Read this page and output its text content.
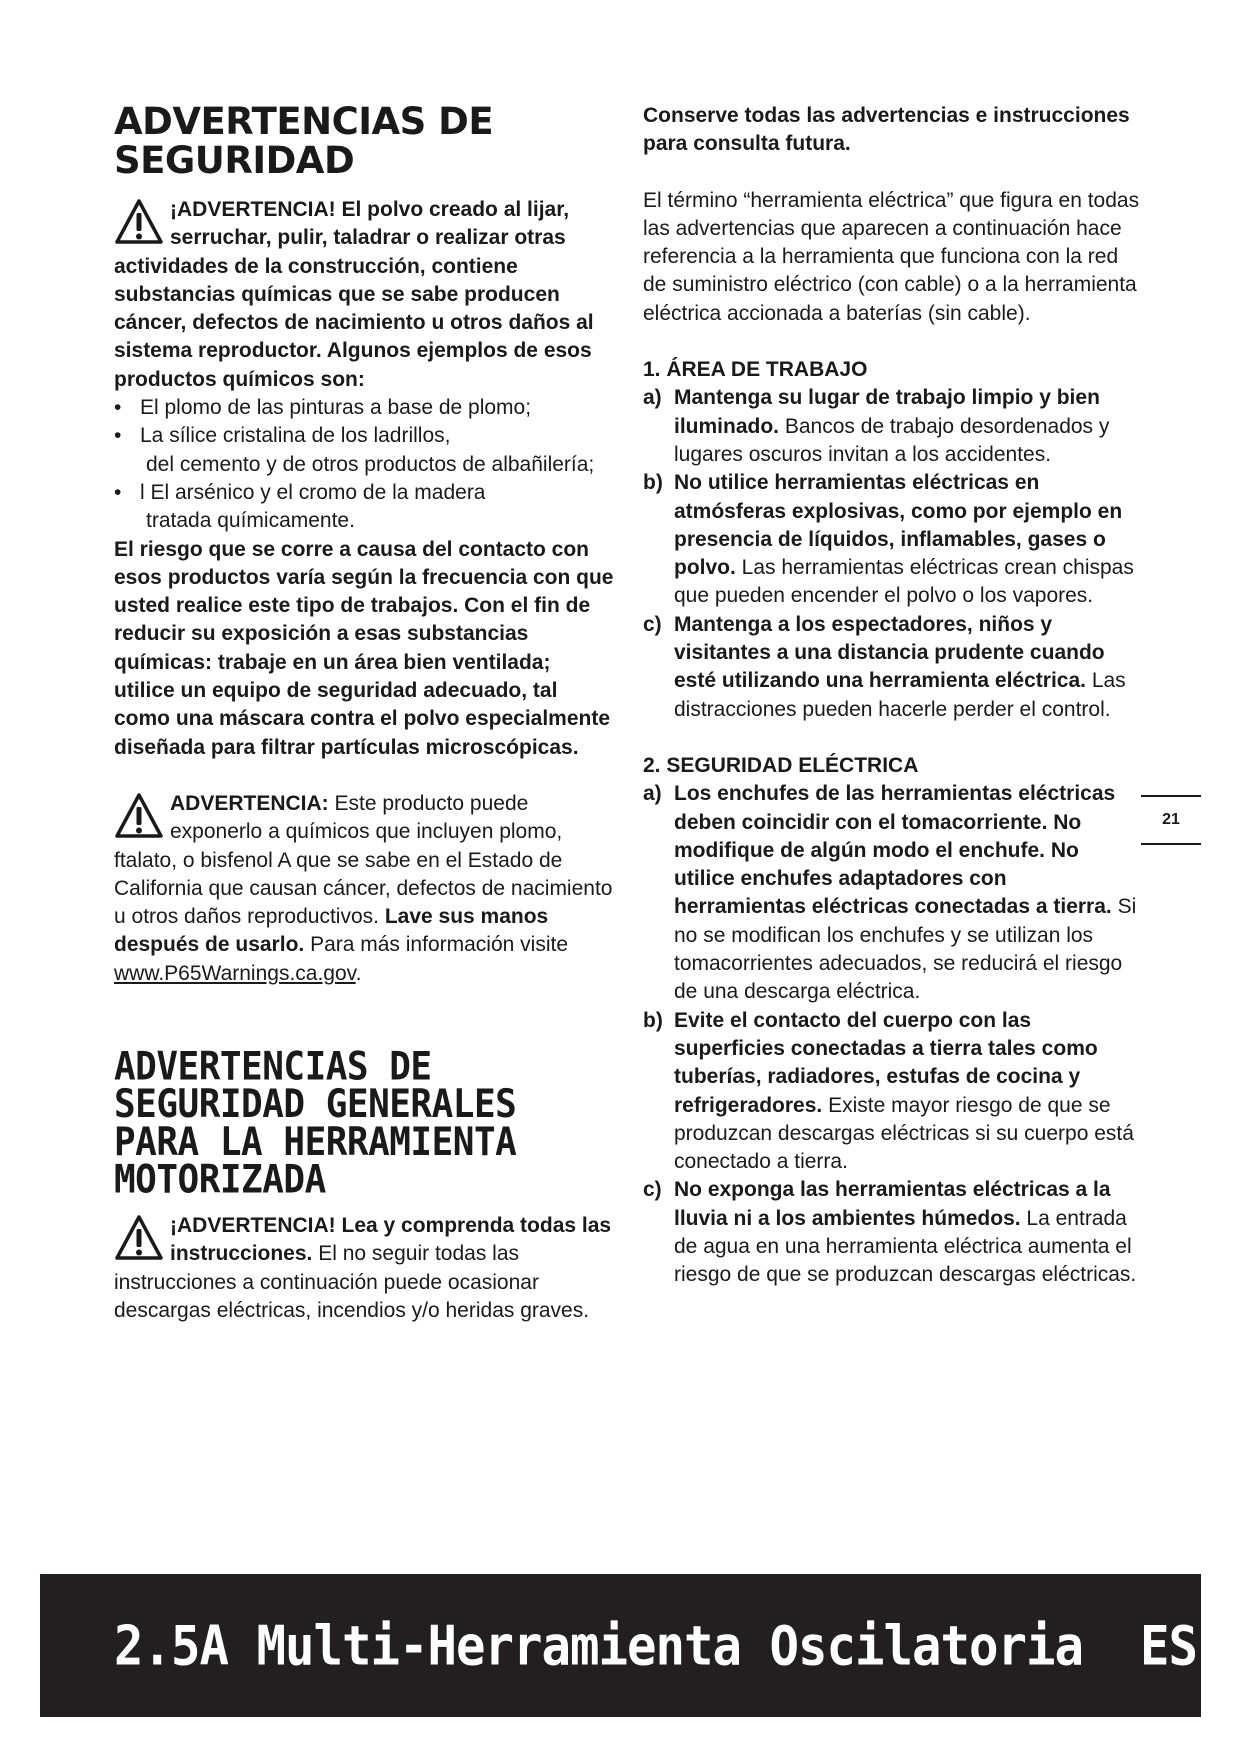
ADVERTENCIAS DE
SEGURIDAD

¡ADVERTENCIA! El polvo creado al lijar, serruchar, pulir, taladrar o realizar otras actividades de la construcción, contiene substancias químicas que se sabe producen cáncer, defectos de nacimiento u otros daños al sistema reproductor. Algunos ejemplos de esos productos químicos son:

• El plomo de las pinturas a base de plomo;
• La sílice cristalina de los ladrillos,
del cemento y de otros productos de albañilería;
• l El arsénico y el cromo de la madera
tratada químicamente.

El riesgo que se corre a causa del contacto con esos productos varía según la frecuencia con que usted realice este tipo de trabajos. Con el fin de reducir su exposición a esas substancias químicas: trabaje en un área bien ventilada; utilice un equipo de seguridad adecuado, tal como una máscara contra el polvo especialmente diseñada para filtrar partículas microscópicas.

ADVERTENCIA: Este producto puede exponerlo a químicos que incluyen plomo, ftalato, o bisfenol A que se sabe en el Estado de California que causan cáncer, defectos de nacimiento u otros daños reproductivos. Lave sus manos después de usarlo. Para más información visite www.P65Warnings.ca.gov.

ADVERTENCIAS DE
SEGURIDAD GENERALES
PARA LA HERRAMIENTA
MOTORIZADA

¡ADVERTENCIA! Lea y comprenda todas las instrucciones. El no seguir todas las instrucciones a continuación puede ocasionar descargas eléctricas, incendios y/o heridas graves.

Conserve todas las advertencias e instrucciones para consulta futura.

El término “herramienta eléctrica” que figura en todas las advertencias que aparecen a continuación hace referencia a la herramienta que funciona con la red de suministro eléctrico (con cable) o a la herramienta eléctrica accionada a baterías (sin cable).

1. ÁREA DE TRABAJO
a) Mantenga su lugar de trabajo limpio y bien iluminado. Bancos de trabajo desordenados y lugares oscuros invitan a los accidentes.
b) No utilice herramientas eléctricas en atmósferas explosivas, como por ejemplo en presencia de líquidos, inflamables, gases o polvo. Las herramientas eléctricas crean chispas que pueden encender el polvo o los vapores.
c) Mantenga a los espectadores, niños y visitantes a una distancia prudente cuando esté utilizando una herramienta eléctrica. Las distracciones pueden hacerle perder el control.
2. SEGURIDAD ELÉCTRICA
a) Los enchufes de las herramientas eléctricas deben coincidir con el tomacorriente. No modifique de algún modo el enchufe. No utilice enchufes adaptadores con herramientas eléctricas conectadas a tierra. Si no se modifican los enchufes y se utilizan los tomacorrientes adecuados, se reducirá el riesgo de una descarga eléctrica.
b) Evite el contacto del cuerpo con las superficies conectadas a tierra tales como tuberías, radiadores, estufas de cocina y refrigeradores. Existe mayor riesgo de que se produzcan descargas eléctricas si su cuerpo está conectado a tierra.
c) No exponga las herramientas eléctricas a la lluvia ni a los ambientes húmedos. La entrada de agua en una herramienta eléctrica aumenta el riesgo de que se produzcan descargas eléctricas.
21
2.5A Multi-Herramienta Oscilatoria  ES
